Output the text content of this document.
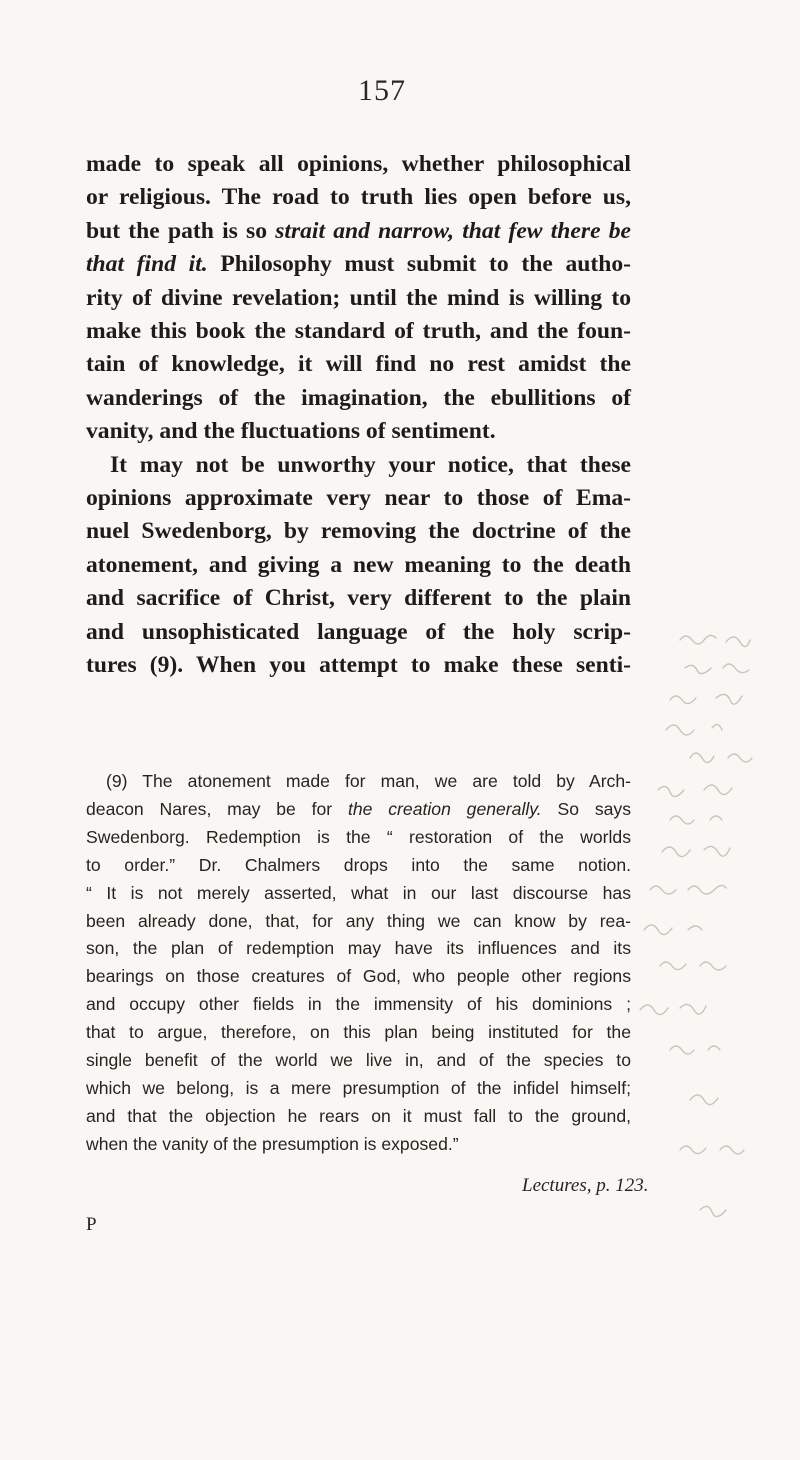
157
made to speak all opinions, whether philosophical
or religious. The road to truth lies open before us,
but the path is so strait and narrow, that few there be
that find it. Philosophy must submit to the autho-
rity of divine revelation; until the mind is willing to
make this book the standard of truth, and the foun-
tain of knowledge, it will find no rest amidst the
wanderings of the imagination, the ebullitions of
vanity, and the fluctuations of sentiment.
It may not be unworthy your notice, that these
opinions approximate very near to those of Ema-
nuel Swedenborg, by removing the doctrine of the
atonement, and giving a new meaning to the death
and sacrifice of Christ, very different to the plain
and unsophisticated language of the holy scrip-
tures (9). When you attempt to make these senti-
(9) The atonement made for man, we are told by Arch-
deacon Nares, may be for the creation generally. So says
Swedenborg. Redemption is the “ restoration of the worlds
to order.” Dr. Chalmers drops into the same notion.
“ It is not merely asserted, what in our last discourse has
been already done, that, for any thing we can know by rea-
son, the plan of redemption may have its influences and its
bearings on those creatures of God, who people other regions
and occupy other fields in the immensity of his dominions ;
that to argue, therefore, on this plan being instituted for the
single benefit of the world we live in, and of the species to
which we belong, is a mere presumption of the infidel himself;
and that the objection he rears on it must fall to the ground,
when the vanity of the presumption is exposed.”
Lectures, p. 123.
P
